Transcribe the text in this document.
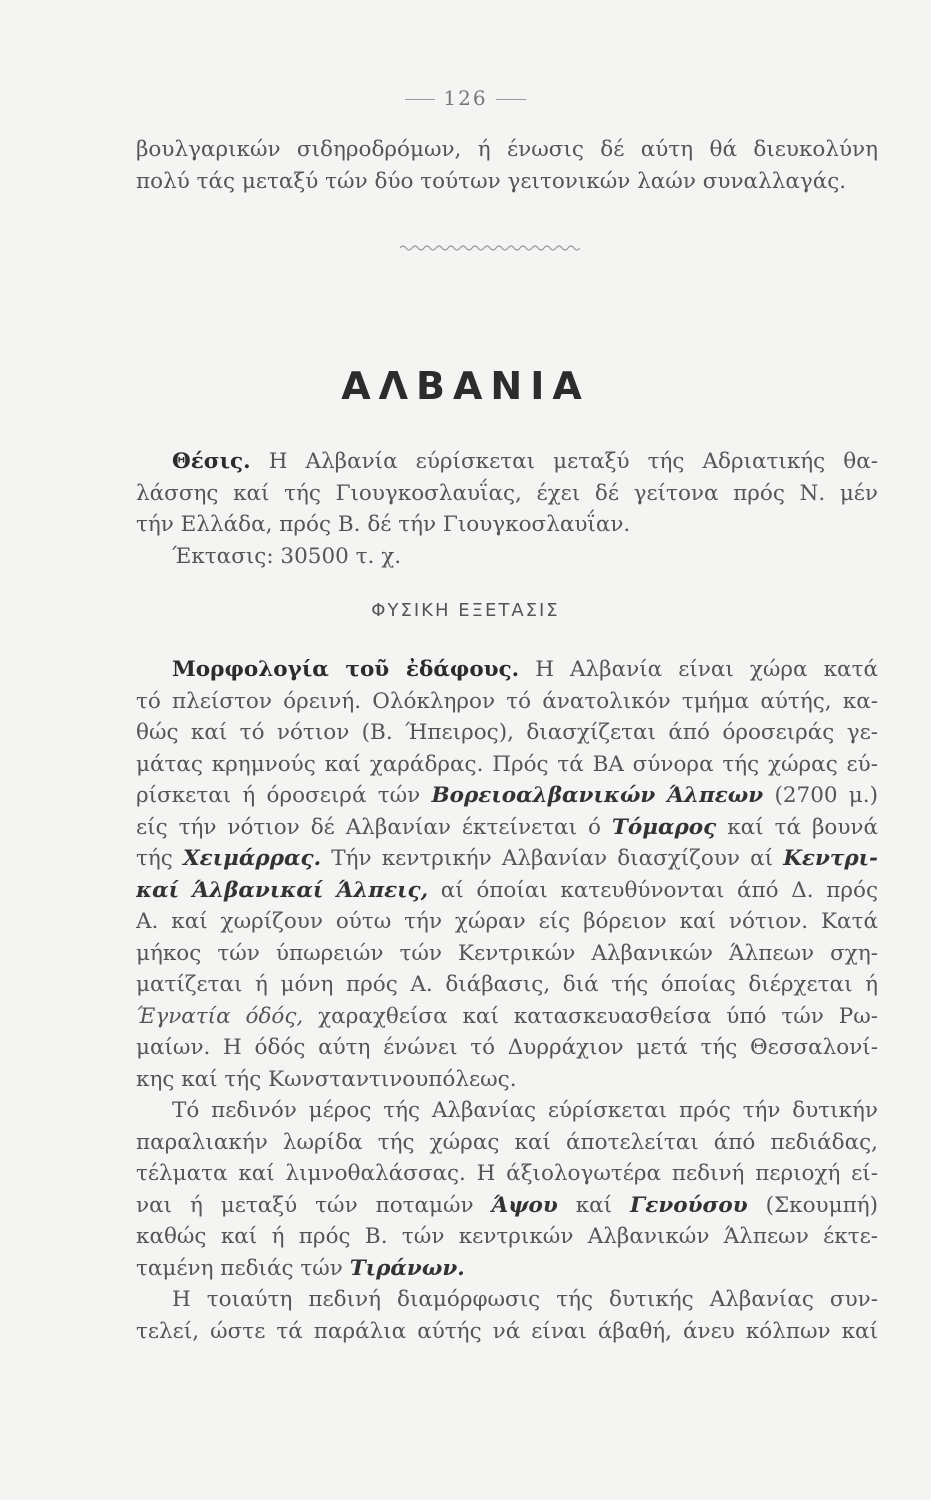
126
βουλγαρικών σιδηροδρόμων, ή ένωσις δέ αύτη θά διευκολύνη
πολύ τάς μεταξύ τών δύο τούτων γειτονικών λαών συναλλαγάς.
ΑΛΒΑΝΙΑ
Θέσις. Η Αλβανία εύρίσκεται μεταξύ τής Αδριατικής θα-
λάσσης καί τής Γιουγκοσλαυΐας, έχει δέ γείτονα πρός Ν. μέν
τήν Ελλάδα, πρός Β. δέ τήν Γιουγκοσλαυΐαν.
Έκτασις: 30500 τ. χ.
ΦΥΣΙΚΗ ΕΞΕΤΑΣΙΣ
Μορφολογία τοῦ ἐδάφους. Η Αλβανία είναι χώρα κατά
τό πλείστον όρεινή. Ολόκληρον τό άνατολικόν τμήμα αύτής, κα-
θώς καί τό νότιον (Β. Ήπειρος), διασχίζεται άπό όροσειράς γε-
μάτας κρημνούς καί χαράδρας. Πρός τά ΒΑ σύνορα τής χώρας εύ-
ρίσκεται ή όροσειρά τών Βορειοαλβανικών Άλπεων (2700 μ.)
είς τήν νότιον δέ Αλβανίαν έκτείνεται ό Τόμαρος καί τά βουνά
τής Χειμάρρας. Τήν κεντρικήν Αλβανίαν διασχίζουν αί Κεντρι-
καί Άλβανικαί Άλπεις, αί όποίαι κατευθύνονται άπό Δ. πρός
Α. καί χωρίζουν ούτω τήν χώραν είς βόρειον καί νότιον. Κατά
μήκος τών ύπωρειών τών Κεντρικών Αλβανικών Άλπεων σχη-
ματίζεται ή μόνη πρός Α. διάβασις, διά τής όποίας διέρχεται ή
Έγνατία όδός, χαραχθείσα καί κατασκευασθείσα ύπό τών Ρω-
μαίων. Η όδός αύτη ένώνει τό Δυρράχιον μετά τής Θεσσαλονί-
κης καί τής Κωνσταντινουπόλεως.
Τό πεδινόν μέρος τής Αλβανίας εύρίσκεται πρός τήν δυτικήν
παραλιακήν λωρίδα τής χώρας καί άποτελείται άπό πεδιάδας,
τέλματα καί λιμνοθαλάσσας. Η άξιολογωτέρα πεδινή περιοχή εί-
ναι ή μεταξύ τών ποταμών Άψου καί Γενούσου (Σκουμπή)
καθώς καί ή πρός Β. τών κεντρικών Αλβανικών Άλπεων έκτε-
ταμένη πεδιάς τών Τιράνων.
Η τοιαύτη πεδινή διαμόρφωσις τής δυτικής Αλβανίας συν-
τελεί, ώστε τά παράλια αύτής νά είναι άβαθή, άνευ κόλπων καί
